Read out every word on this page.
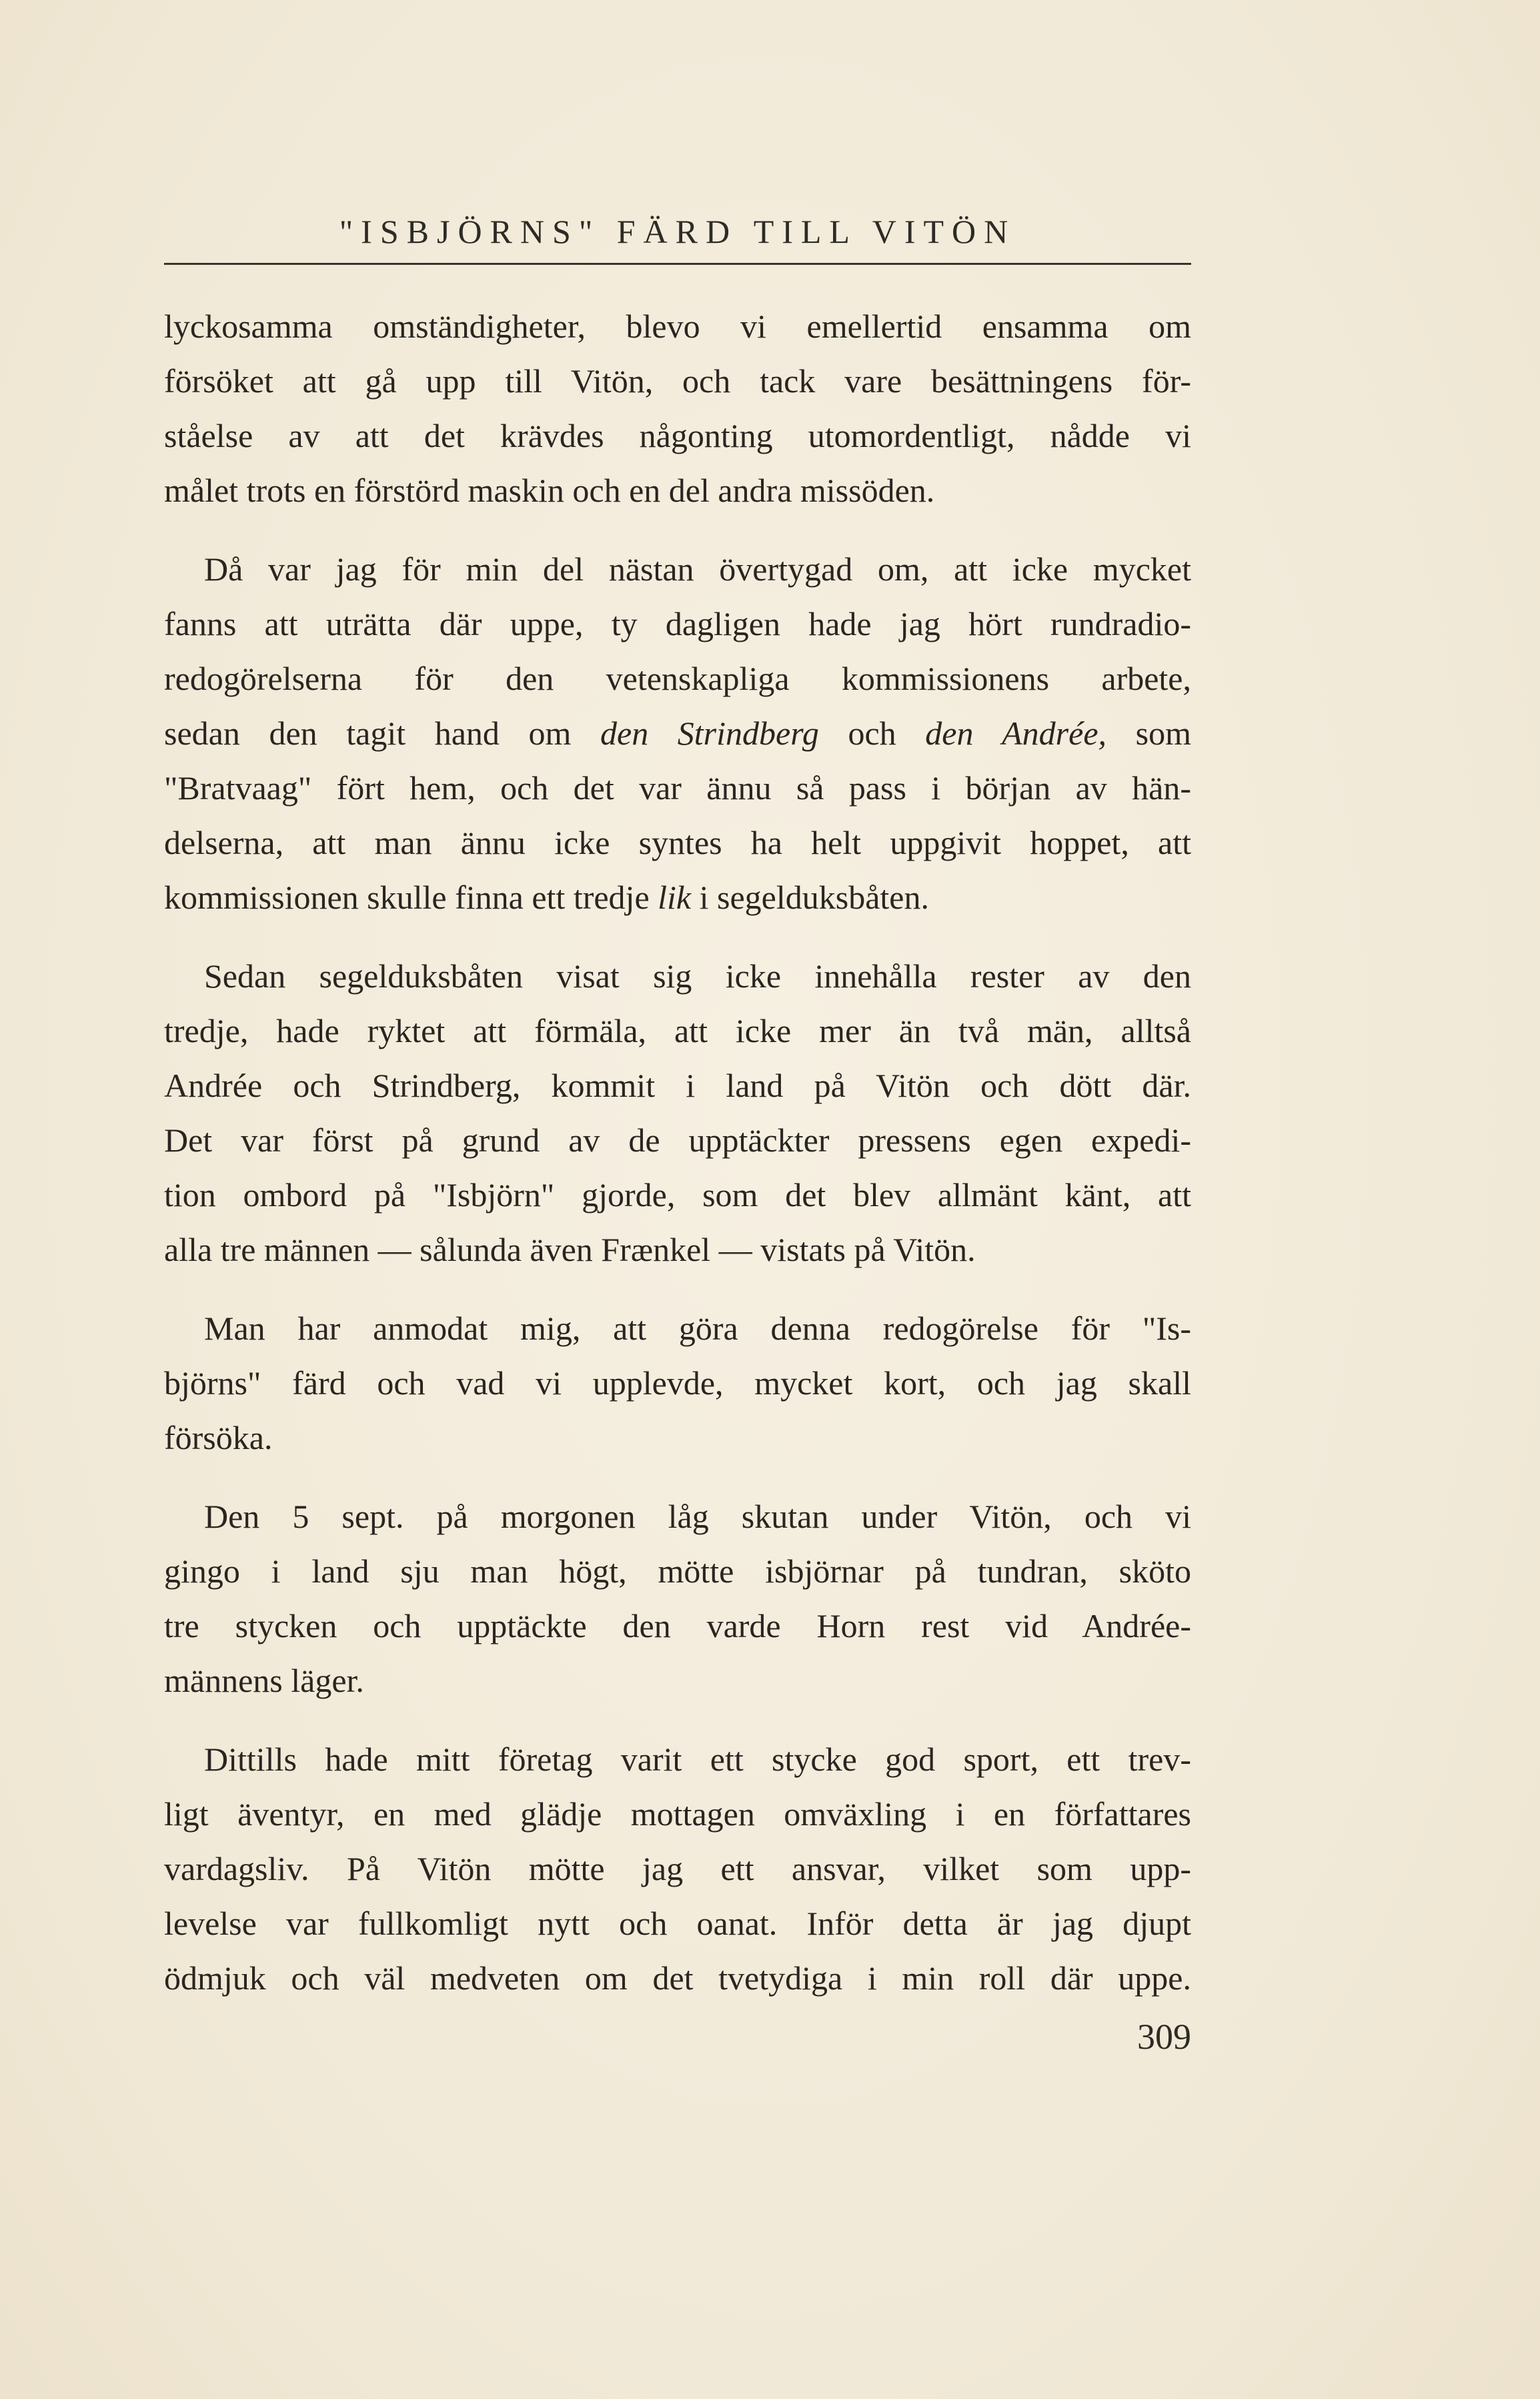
"ISBJÖRNS" FÄRD TILL VITÖN
lyckosamma omständigheter, blevo vi emellertid ensamma om
försöket att gå upp till Vitön, och tack vare besättningens för-
ståelse av att det krävdes någonting utomordentligt, nådde vi
målet trots en förstörd maskin och en del andra missöden.
Då var jag för min del nästan övertygad om, att icke mycket
fanns att uträtta där uppe, ty dagligen hade jag hört rundradio-
redogörelserna för den vetenskapliga kommissionens arbete,
sedan den tagit hand om den Strindberg och den Andrée, som
"Bratvaag" fört hem, och det var ännu så pass i början av hän-
delserna, att man ännu icke syntes ha helt uppgivit hoppet, att
kommissionen skulle finna ett tredje lik i segelduksbåten.
Sedan segelduksbåten visat sig icke innehålla rester av den
tredje, hade ryktet att förmäla, att icke mer än två män, alltså
Andrée och Strindberg, kommit i land på Vitön och dött där.
Det var först på grund av de upptäckter pressens egen expedi-
tion ombord på "Isbjörn" gjorde, som det blev allmänt känt, att
alla tre männen — sålunda även Frænkel — vistats på Vitön.
Man har anmodat mig, att göra denna redogörelse för "Is-
björns" färd och vad vi upplevde, mycket kort, och jag skall
försöka.
Den 5 sept. på morgonen låg skutan under Vitön, och vi
gingo i land sju man högt, mötte isbjörnar på tundran, sköto
tre stycken och upptäckte den varde Horn rest vid Andrée-
männens läger.
Dittills hade mitt företag varit ett stycke god sport, ett trev-
ligt äventyr, en med glädje mottagen omväxling i en författares
vardagsliv. På Vitön mötte jag ett ansvar, vilket som upp-
levelse var fullkomligt nytt och oanat. Inför detta är jag djupt
ödmjuk och väl medveten om det tvetydiga i min roll där uppe.
309
